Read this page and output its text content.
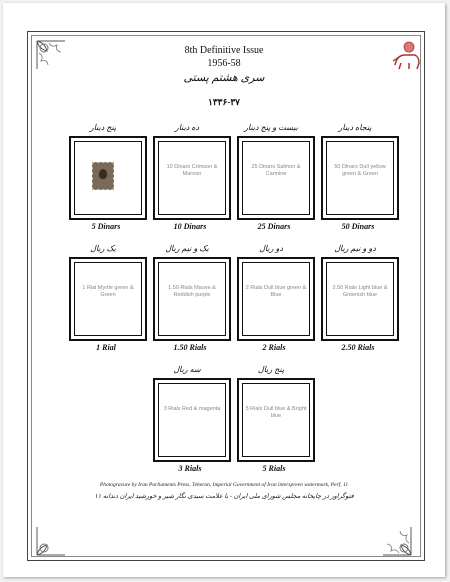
8th Definitive Issue
1956-58
سری هشتم پستی
۱۳۳۶-۳۷
پنج دینار
5 Dinars
ده دینار
10 Dinars Crimson & Maroon
10 Dinars
بیست و پنج دینار
25 Dinars Salmon & Carmine
25 Dinars
پنجاه دینار
50 Dinars Dull yellow green & Green
50 Dinars
یک ریال
1 Rial Myrtle green & Green
1 Rial
یک و نیم ریال
1.50 Rials Mauve & Reddish purple
1.50 Rials
دو ریال
2 Rials Dull blue green & Blue
2 Rials
دو و نیم ریال
2.50 Rials Light blue & Greenish blue
2.50 Rials
سه ریال
3 Rials Red & magenta
3 Rials
پنج ریال
5 Rials Dull blue & Bright blue
5 Rials
Photogravure by Iran Parliaments Press, Teheran, Imperial Government of Iran interspreen watermark, Perf. 11
فتوگراور در چاپخانه مجلس شورای ملی ایران - با علامت سیدی نگار شیر و خورشید ایران دندانه ۱۱
